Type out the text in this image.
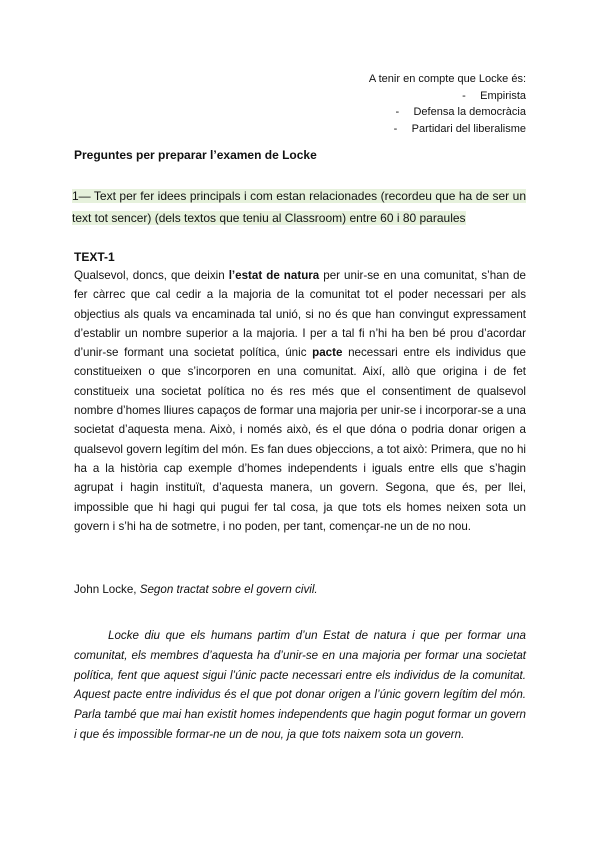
A tenir en compte que Locke és:
- Empirista
- Defensa la democràcia
- Partidari del liberalisme
Preguntes per preparar l’examen de Locke
1— Text per fer idees principals i com estan relacionades (recordeu que ha de ser un text tot sencer) (dels textos que teniu al Classroom) entre 60 i 80 paraules
TEXT-1
Qualsevol, doncs, que deixin l’estat de natura per unir-se en una comunitat, s’han de fer càrrec que cal cedir a la majoria de la comunitat tot el poder necessari per als objectius als quals va encaminada tal unió, si no és que han convingut expressament d’establir un nombre superior a la majoria. I per a tal fi n’hi ha ben bé prou d’acordar d’unir-se formant una societat política, únic pacte necessari entre els individus que constitueixen o que s’incorporen en una comunitat. Així, allò que origina i de fet constitueix una societat política no és res més que el consentiment de qualsevol nombre d’homes lliures capaços de formar una majoria per unir-se i incorporar-se a una societat d’aquesta mena. Això, i només això, és el que dóna o podria donar origen a qualsevol govern legítim del món. Es fan dues objeccions, a tot això: Primera, que no hi ha a la història cap exemple d’homes independents i iguals entre ells que s’hagin agrupat i hagin instituït, d’aquesta manera, un govern. Segona, que és, per llei, impossible que hi hagi qui pugui fer tal cosa, ja que tots els homes neixen sota un govern i s’hi ha de sotmetre, i no poden, per tant, començar-ne un de no nou.
John Locke, Segon tractat sobre el govern civil.
Locke diu que els humans partim d’un Estat de natura i que per formar una comunitat, els membres d’aquesta ha d’unir-se en una majoria per formar una societat política, fent que aquest sigui l’únic pacte necessari entre els individus de la comunitat. Aquest pacte entre individus és el que pot donar origen a l’únic govern legítim del món. Parla també que mai han existit homes independents que hagin pogut formar un govern i que és impossible formar-ne un de nou, ja que tots naixem sota un govern.
